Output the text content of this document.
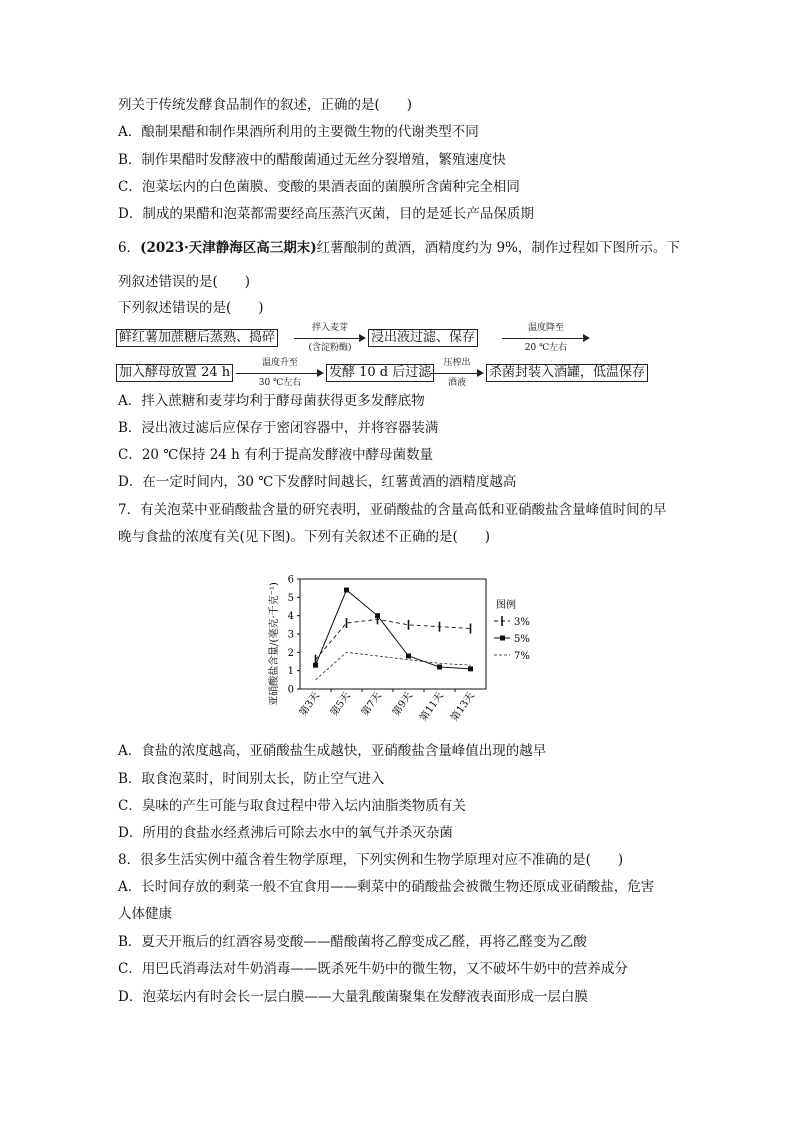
列关于传统发酵食品制作的叙述，正确的是(　　)
A．酿制果醋和制作果酒所利用的主要微生物的代谢类型不同
B．制作果醋时发酵液中的醋酸菌通过无丝分裂增殖，繁殖速度快
C．泡菜坛内的白色菌膜、变酸的果酒表面的菌膜所含菌种完全相同
D．制成的果醋和泡菜都需要经高压蒸汽灭菌，目的是延长产品保质期
6．(2023·天津静海区高三期末)红薯酿制的黄酒，酒精度约为 9%，制作过程如下图所示。下
列叙述错误的是(　　)
下列叙述错误的是(　　)
鲜红薯加蔗糖后蒸熟、捣碎
拌入麦芽
(含淀粉酶)
浸出液过滤、保存
温度降至
20 ℃左右
加入酵母放置 24 h
温度升至
30 ℃左右
发酵 10 d 后过滤
压榨出
酒液
杀菌封装入酒罐，低温保存
A．拌入蔗糖和麦芽均利于酵母菌获得更多发酵底物
B．浸出液过滤后应保存于密闭容器中，并将容器装满
C．20 ℃保持 24 h 有利于提高发酵液中酵母菌数量
D．在一定时间内，30 ℃下发酵时间越长，红薯黄酒的酒精度越高
7．有关泡菜中亚硝酸盐含量的研究表明，亚硝酸盐的含量高低和亚硝酸盐含量峰值时间的早
晚与食盐的浓度有关(见下图)。下列有关叙述不正确的是(　　)
亚硝酸盐含量/(毫克·千克⁻¹) 0
1
2
3
4
5
6
第3天 第5天 第7天 第9天 第11天 第13天
图例
3%
5%
7%
A．食盐的浓度越高，亚硝酸盐生成越快，亚硝酸盐含量峰值出现的越早
B．取食泡菜时，时间别太长，防止空气进入
C．臭味的产生可能与取食过程中带入坛内油脂类物质有关
D．所用的食盐水经煮沸后可除去水中的氧气并杀灭杂菌
8．很多生活实例中蕴含着生物学原理，下列实例和生物学原理对应不准确的是(　　)
A．长时间存放的剩菜一般不宜食用——剩菜中的硝酸盐会被微生物还原成亚硝酸盐，危害
人体健康
B．夏天开瓶后的红酒容易变酸——醋酸菌将乙醇变成乙醛，再将乙醛变为乙酸
C．用巴氏消毒法对牛奶消毒——既杀死牛奶中的微生物，又不破坏牛奶中的营养成分
D．泡菜坛内有时会长一层白膜——大量乳酸菌聚集在发酵液表面形成一层白膜
